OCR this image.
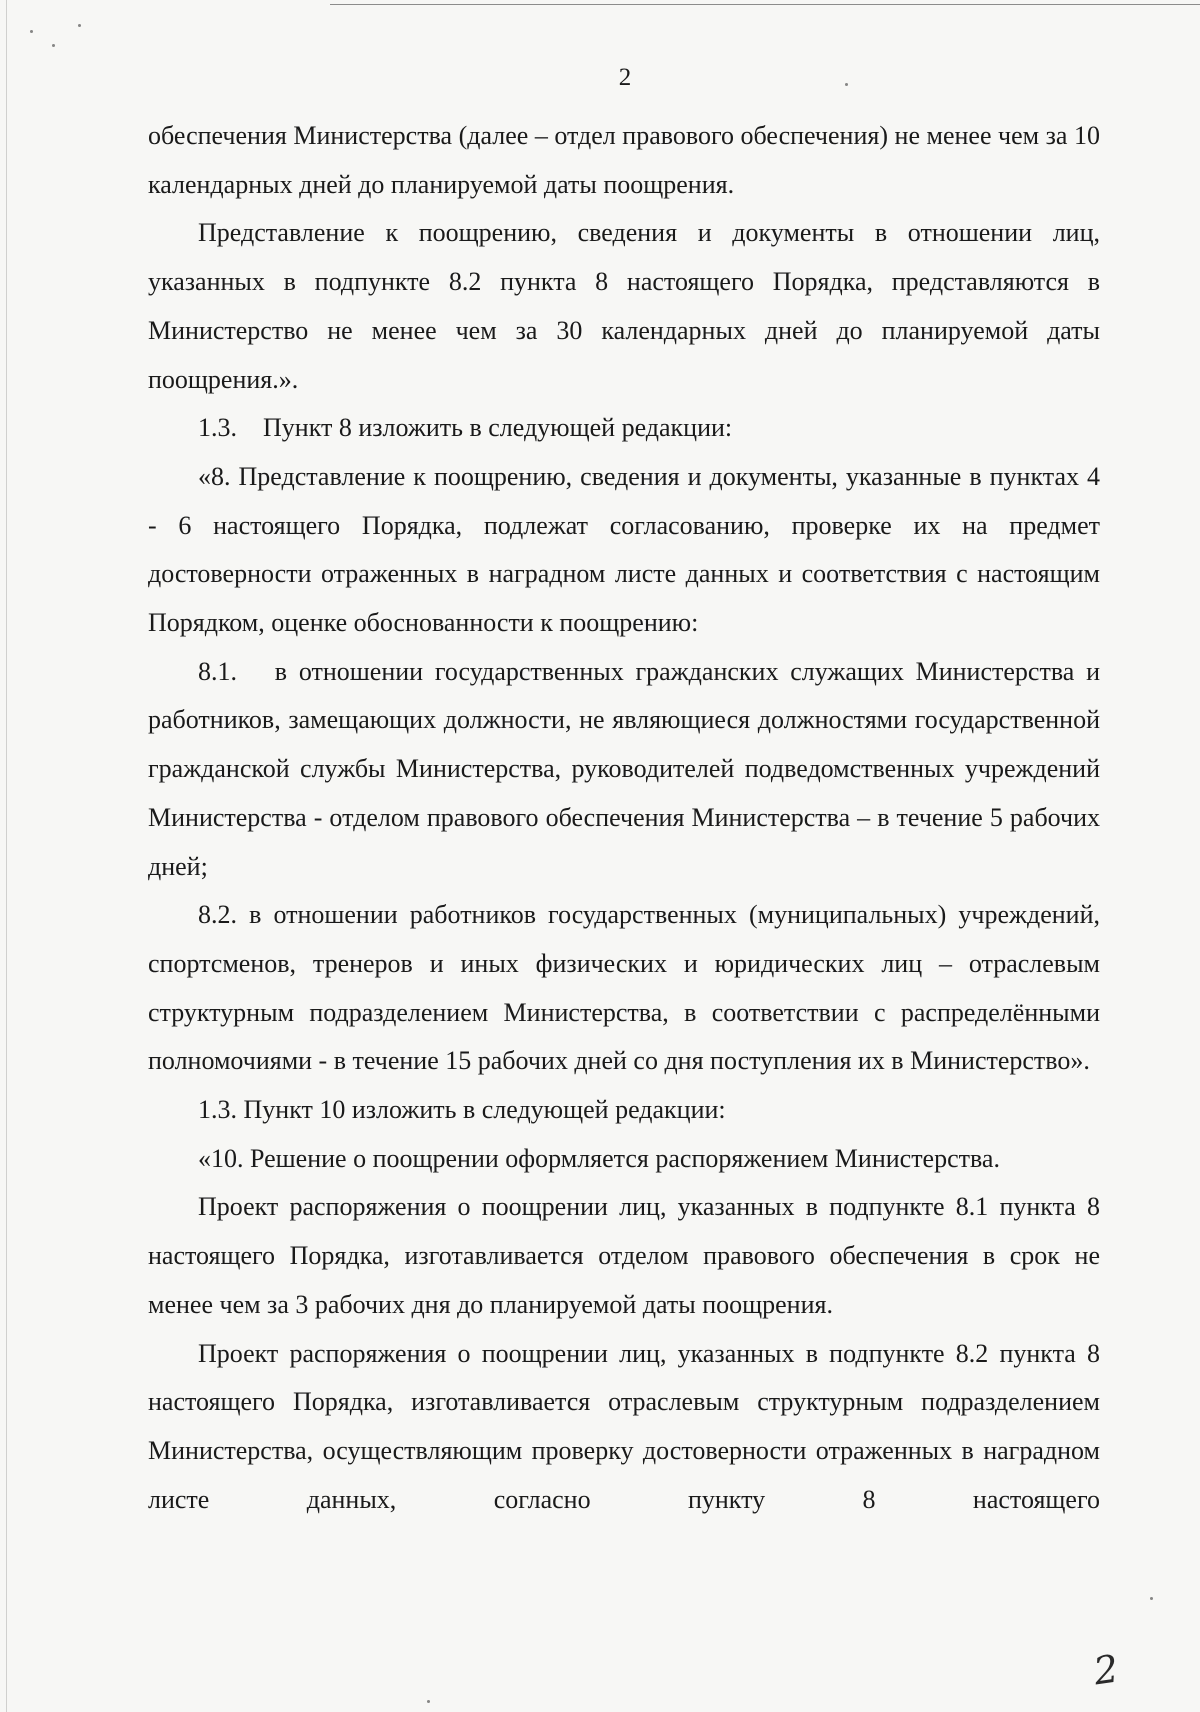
2

обеспечения Министерства (далее – отдел правового обеспечения) не менее чем за 10 календарных дней до планируемой даты поощрения.

Представление к поощрению, сведения и документы в отношении лиц, указанных в подпункте 8.2 пункта 8 настоящего Порядка, представляются в Министерство не менее чем за 30 календарных дней до планируемой даты поощрения.».

1.3. Пункт 8 изложить в следующей редакции:

«8. Представление к поощрению, сведения и документы, указанные в пунктах 4 - 6 настоящего Порядка, подлежат согласованию, проверке их на предмет достоверности отраженных в наградном листе данных и соответствия с настоящим Порядком, оценке обоснованности к поощрению:

8.1.  в отношении государственных гражданских служащих Министерства и работников, замещающих должности, не являющиеся должностями государственной гражданской службы Министерства, руководителей подведомственных учреждений Министерства - отделом правового обеспечения Министерства – в течение 5 рабочих дней;

8.2. в отношении работников государственных (муниципальных) учреждений, спортсменов, тренеров и иных физических и юридических лиц – отраслевым структурным подразделением Министерства, в соответствии с распределёнными полномочиями - в течение 15 рабочих дней со дня поступления их в Министерство».

1.3. Пункт 10 изложить в следующей редакции:

«10. Решение о поощрении оформляется распоряжением Министерства.

Проект распоряжения о поощрении лиц, указанных в подпункте 8.1 пункта 8 настоящего Порядка, изготавливается отделом правового обеспечения в срок не менее чем за 3 рабочих дня до планируемой даты поощрения.

Проект распоряжения о поощрении лиц, указанных в подпункте 8.2 пункта 8 настоящего Порядка, изготавливается отраслевым структурным подразделением Министерства, осуществляющим проверку достоверности отраженных в наградном листе данных, согласно пункту 8 настоящего

2
